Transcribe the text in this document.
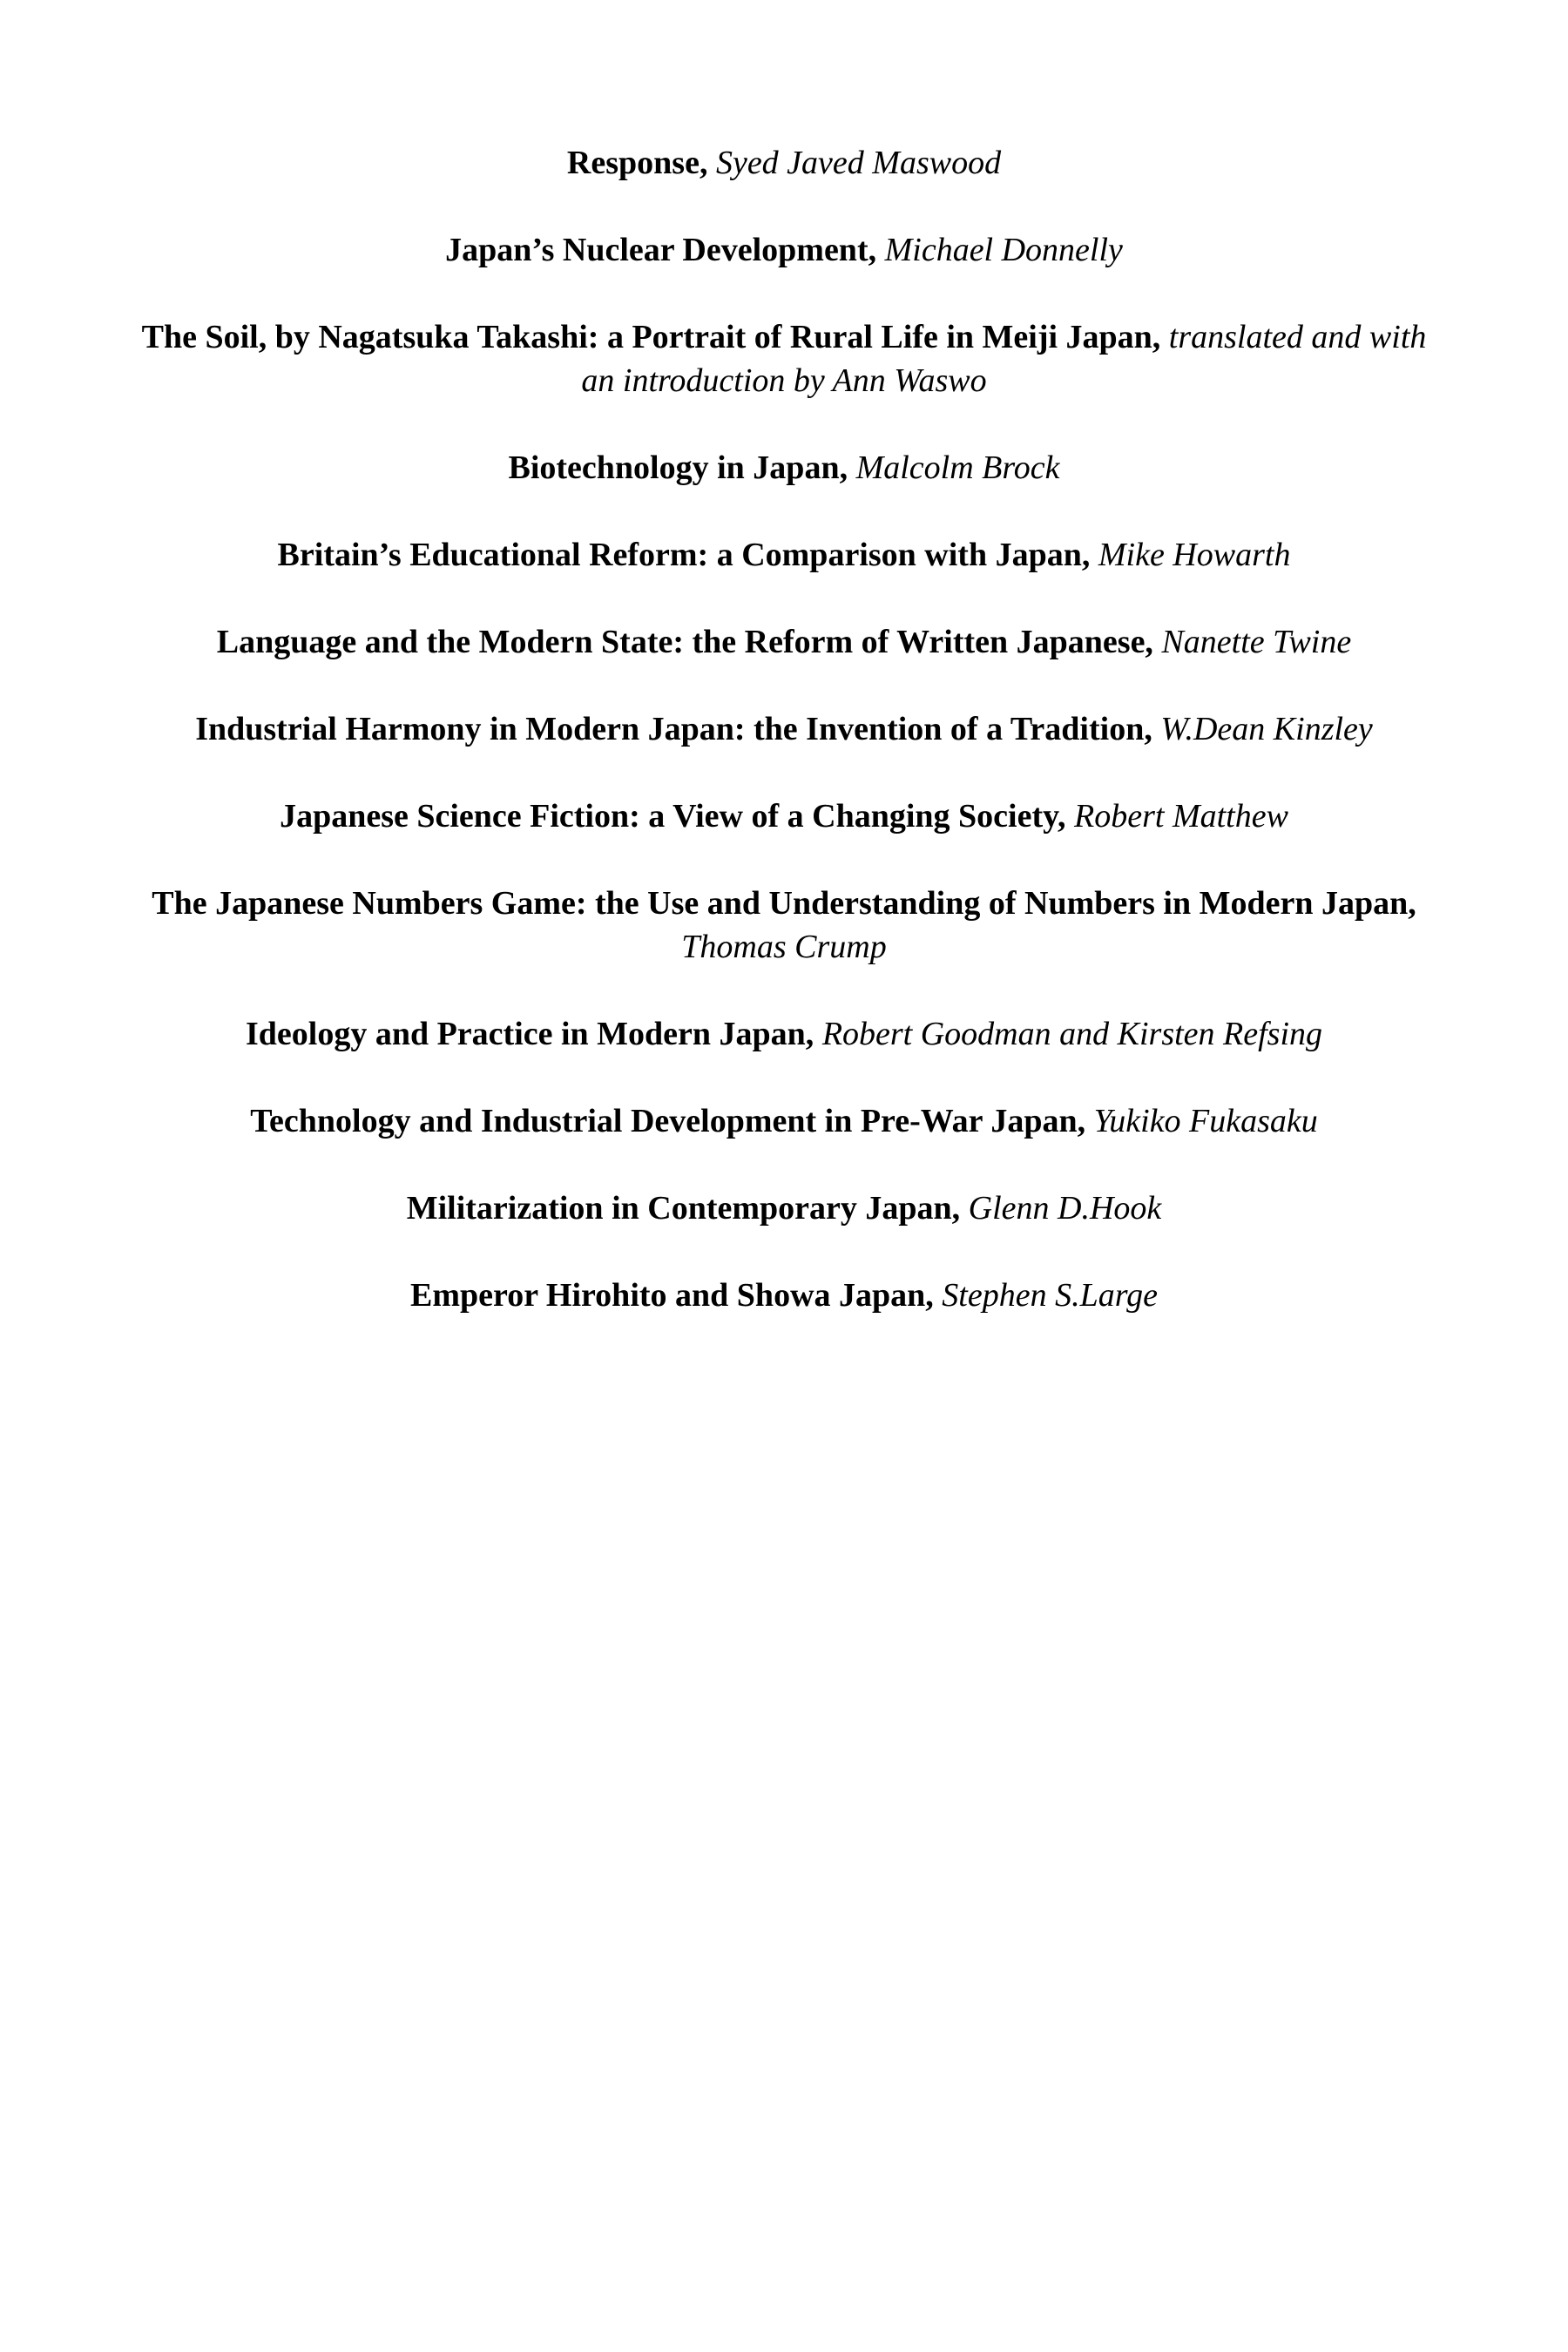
Response, Syed Javed Maswood
Japan’s Nuclear Development, Michael Donnelly
The Soil, by Nagatsuka Takashi: a Portrait of Rural Life in Meiji Japan, translated and with an introduction by Ann Waswo
Biotechnology in Japan, Malcolm Brock
Britain’s Educational Reform: a Comparison with Japan, Mike Howarth
Language and the Modern State: the Reform of Written Japanese, Nanette Twine
Industrial Harmony in Modern Japan: the Invention of a Tradition, W.Dean Kinzley
Japanese Science Fiction: a View of a Changing Society, Robert Matthew
The Japanese Numbers Game: the Use and Understanding of Numbers in Modern Japan, Thomas Crump
Ideology and Practice in Modern Japan, Robert Goodman and Kirsten Refsing
Technology and Industrial Development in Pre-War Japan, Yukiko Fukasaku
Militarization in Contemporary Japan, Glenn D.Hook
Emperor Hirohito and Showa Japan, Stephen S.Large
